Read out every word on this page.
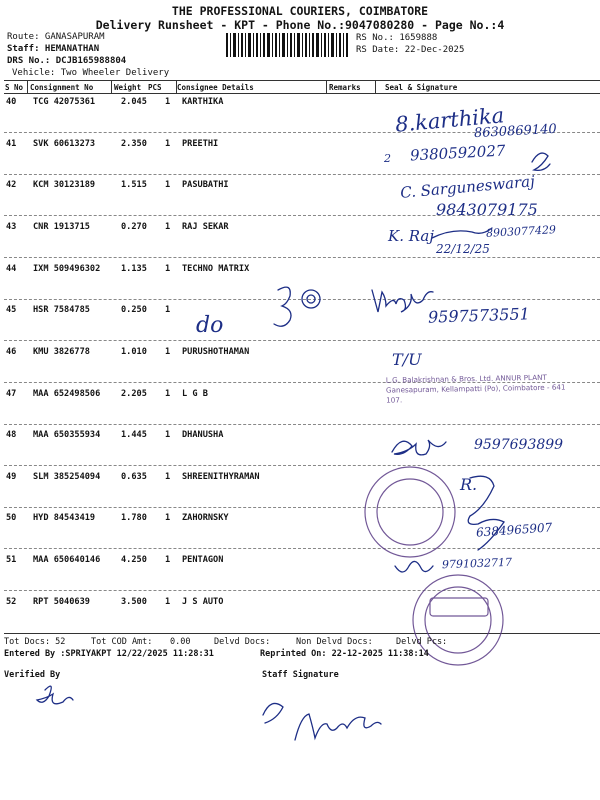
THE PROFESSIONAL COURIERS, COIMBATORE
Delivery Runsheet - KPT - Phone No.:9047080280 - Page No.:4
Route: GANASAPURAM
Staff: HEMANATHAN
DRS No.: DCJB165988804
Vehicle: Two Wheeler Delivery
RS No.: 1659888
RS Date: 22-Dec-2025
S No Consignment No	Weight PCS Consignee Details	Remarks	Seal & Signature
40 TCG 42075361	2.045 1 KARTHIKA
41 SVK 60613273	2.350 1 PREETHI
42 KCM 30123189	1.515 1 PASUBATHI
43 CNR 1913715	0.270 1 RAJ SEKAR
44 IXM 509496302 1.135 1 TECHNO MATRIX
45 HSR 7584785	0.250 1
46 KMU 3826778	1.010 1 PURUSHOTHAMAN
47 MAA 652498506 2.205 1 L G B
48 MAA 650355934 1.445 1 DHANUSHA
49 SLM 385254094 0.635 1 SHREENITHYRAMAN
50 HYD 84543419	1.780 1 ZAHORNSKY
51 MAA 650640146 4.250 1 PENTAGON
52 RPT 5040639	3.500 1 J S AUTO
8.karthika
8630869140
2 9380592027
C. Sarguneswaraj
9843079175
K. Raj	8903077429
22/12/25
do	9597573551
T/U
9597693899
R.
6384965907
9791032717
L.G. Balakrishnan & Bros. Ltd. ANNUR PLANT Ganesapuram, Kellampatti (Po), Coimbatore - 641 107.
Tot Docs: 52	Tot COD Amt: 0.00	Delvd Docs:	Non Delvd Docs:	Delvd Pcs:
Entered By :SPRIYAKPT 12/22/2025 11:28:31	Reprinted On: 22-12-2025 11:38:14
Verified By	Staff Signature
